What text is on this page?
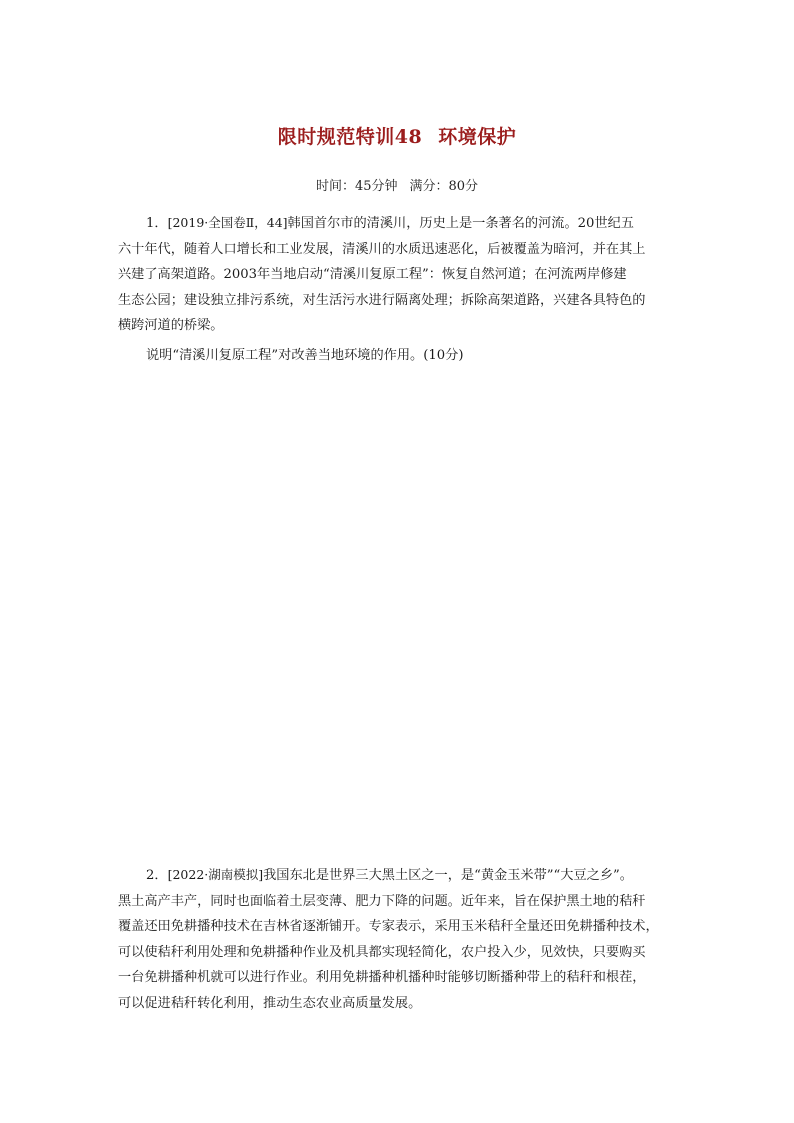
限时规范特训48 环境保护
时间：45分钟 满分：80分
1．[2019·全国卷Ⅱ，44]韩国首尔市的清溪川，历史上是一条著名的河流。20世纪五
六十年代，随着人口增长和工业发展，清溪川的水质迅速恶化，后被覆盖为暗河，并在其上
兴建了高架道路。2003年当地启动“清溪川复原工程”：恢复自然河道；在河流两岸修建
生态公园；建设独立排污系统，对生活污水进行隔离处理；拆除高架道路，兴建各具特色的
横跨河道的桥梁。
说明“清溪川复原工程”对改善当地环境的作用。(10分)
2．[2022·湖南模拟]我国东北是世界三大黑土区之一，是“黄金玉米带”“大豆之乡”。
黑土高产丰产，同时也面临着土层变薄、肥力下降的问题。近年来，旨在保护黑土地的秸秆
覆盖还田免耕播种技术在吉林省逐渐铺开。专家表示，采用玉米秸秆全量还田免耕播种技术，
可以使秸秆利用处理和免耕播种作业及机具都实现轻简化，农户投入少，见效快，只要购买
一台免耕播种机就可以进行作业。利用免耕播种机播种时能够切断播种带上的秸秆和根茬，
可以促进秸秆转化利用，推动生态农业高质量发展。
